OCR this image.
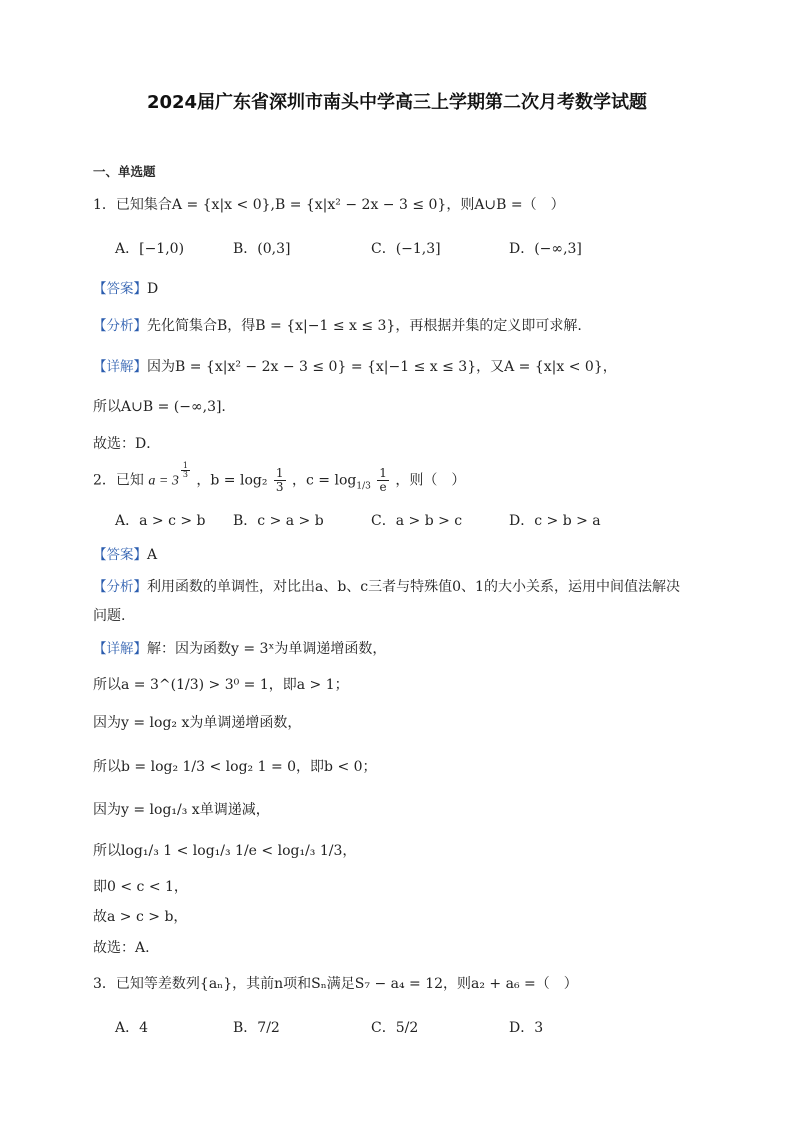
2024届广东省深圳市南头中学高三上学期第二次月考数学试题
一、单选题
1．已知集合A = {x|x < 0},B = {x|x² − 2x − 3 ≤ 0}，则A∪B =（　）
A．[−1,0)	B．(0,3]	C．(−1,3]	D．(−∞,3]
【答案】D
【分析】先化简集合B，得B = {x|−1 ≤ x ≤ 3}，再根据并集的定义即可求解.
【详解】因为B = {x|x² − 2x − 3 ≤ 0} = {x|−1 ≤ x ≤ 3}，又A = {x|x < 0}，
所以A∪B = (−∞,3].
故选：D．
2．已知 a = 3
$^{\frac{1}{3}}$
，$b = \log_2 \frac{1}{3}$ ，$c = \log_{1/3} \frac{1}{e}$ ，则（　）
A．a > c > b B．c > a > b	C．a > b > c	D．c > b > a
【答案】A
【分析】利用函数的单调性，对比出a、b、c三者与特殊值0、1的大小关系，运用中间值法解决
问题.
【详解】解：因为函数y = 3ˣ为单调递增函数，
所以a = 3^(1/3) > 3⁰ = 1，即a > 1；
因为y = log₂ x为单调递增函数，
所以b = log₂ 1/3 < log₂ 1 = 0，即b < 0；
因为y = log₁/₃ x单调递减，
所以log₁/₃ 1 < log₁/₃ 1/e < log₁/₃ 1/3，
即0 < c < 1，
故a > c > b，
故选：A.
3．已知等差数列{aₙ}，其前n项和Sₙ满足S₇ − a₄ = 12，则a₂ + a₆ =（　）
A．4	B．7/2	C．5/2	D．3
